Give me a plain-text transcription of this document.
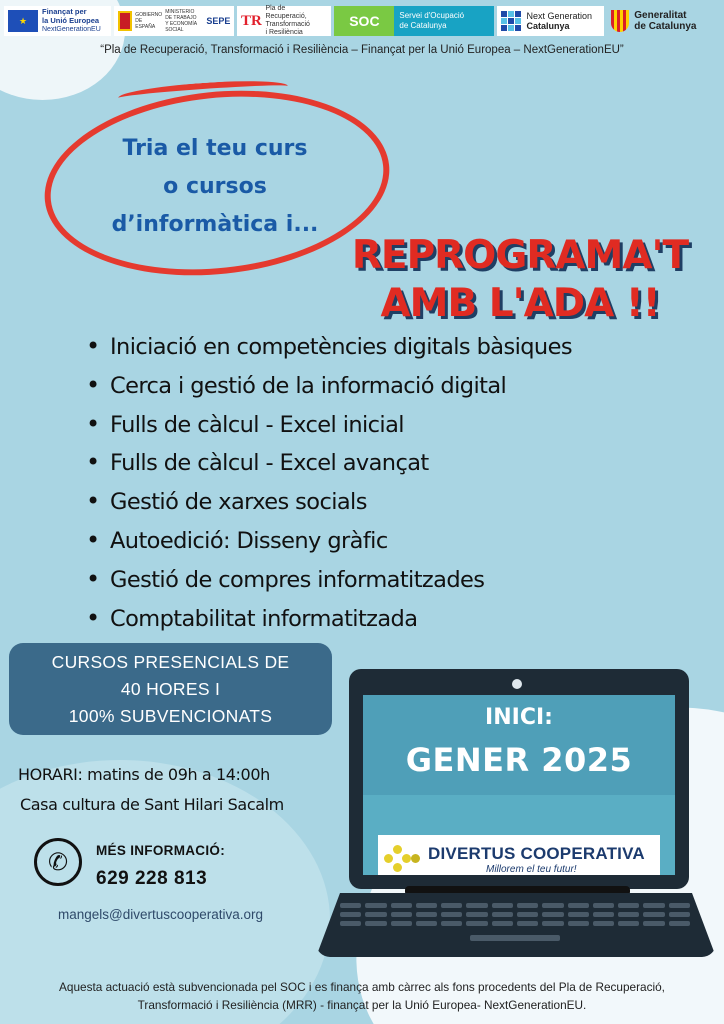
★
Finançat per
la Unió Europea
NextGenerationEU
GOBIERNO
DE ESPAÑA
MINISTERIO
DE TRABAJO
Y ECONOMÍA SOCIAL
SEPE TR
Pla de Recuperació,
Transformació
i Resiliència
SOC	Servei d'Ocupació
de Catalunya
Next Generation
Catalunya
Generalitat
de Catalunya
“Pla de Recuperació, Transformació i Resiliència – Finançat per la Unió Europea – NextGenerationEU”
Tria el teu curs
o cursos
d’informàtica i...
REPROGRAMA'T
AMB L'ADA !!
• Iniciació en competències digitals bàsiques
• Cerca i gestió de la informació digital
• Fulls de càlcul - Excel inicial
• Fulls de càlcul - Excel avançat
• Gestió de xarxes socials
• Autoedició: Disseny gràfic
• Gestió de compres informatitzades
• Comptabilitat informatitzada
CURSOS PRESENCIALS DE
40 HORES I
100% SUBVENCIONATS
HORARI: matins de 09h a 14:00h
Casa cultura de Sant Hilari Sacalm
✆	MÉS INFORMACIÓ:
629 228 813
mangels@divertuscooperativa.org
INICI:
GENER 2025
DIVERTUS COOPERATIVA
Millorem el teu futur!
Aquesta actuació està subvencionada pel SOC i es finança amb càrrec als fons procedents del Pla de Recuperació,
Transformació i Resiliència (MRR) - finançat per la Unió Europea- NextGenerationEU.
